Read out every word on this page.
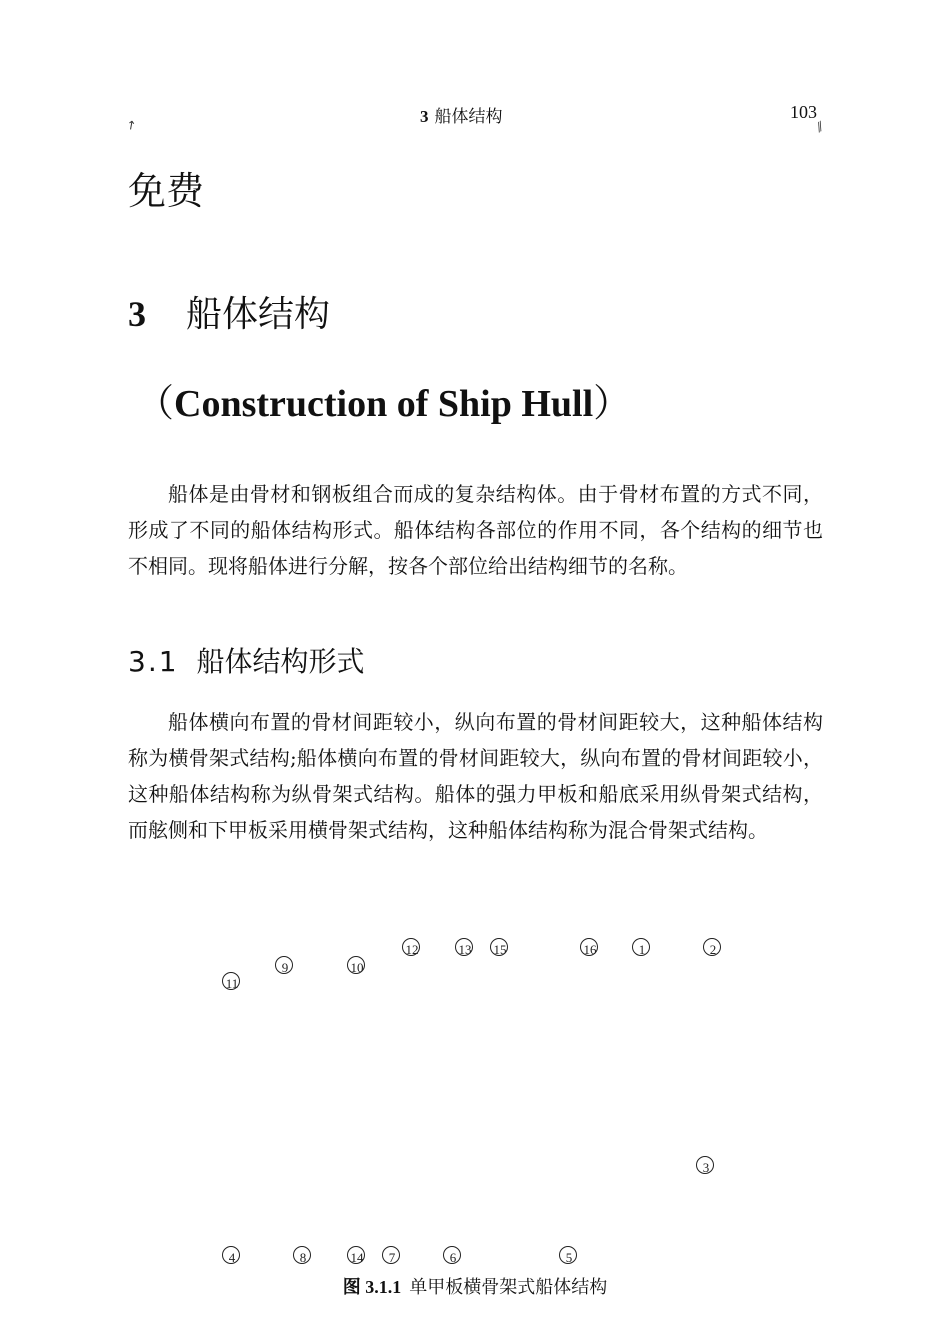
3 船体结构	103
↗	⁄⁄
免费
3 船体结构
（Construction of Ship Hull）

船体是由骨材和钢板组合而成的复杂结构体。由于骨材布置的方式不同，形成了不同的船体结构形式。船体结构各部位的作用不同，各个结构的细节也不相同。现将船体进行分解，按各个部位给出结构细节的名称。

3.1 船体结构形式

船体横向布置的骨材间距较小，纵向布置的骨材间距较大，这种船体结构称为横骨架式结构;船体横向布置的骨材间距较大，纵向布置的骨材间距较小，这种船体结构称为纵骨架式结构。船体的强力甲板和船底采用纵骨架式结构，而舷侧和下甲板采用横骨架式结构，这种船体结构称为混合骨架式结构。

12	13	15	16	1	2
9	10
11
3
4	8	14	7	6	5
图 3.1.1 单甲板横骨架式船体结构
